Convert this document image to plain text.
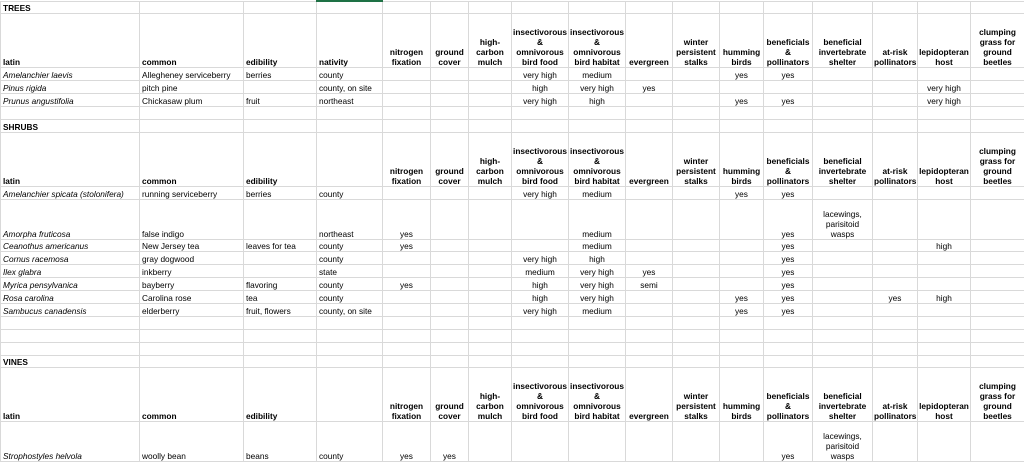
TREES																
latin	common	edibility	nativity	nitrogen fixation	ground cover	high-carbon mulch	insectivorous & omnivorous bird food	insectivorous & omnivorous bird habitat	evergreen	winter persistent stalks	humming birds	beneficials & pollinators	beneficial invertebrate shelter	at-risk pollinators	lepidopteran host	clumping grass for ground beetles
Amelanchier laevis	Allegheney serviceberry	berries	county				very high	medium			yes	yes				
Pinus rigida	pitch pine		county, on site				high	very high	yes						very high	
Prunus angustifolia	Chickasaw plum	fruit	northeast				very high	high			yes	yes			very high	

SHRUBS																
latin	common	edibility		nitrogen fixation	ground cover	high-carbon mulch	insectivorous & omnivorous bird food	insectivorous & omnivorous bird habitat	evergreen	winter persistent stalks	humming birds	beneficials & pollinators	beneficial invertebrate shelter	at-risk pollinators	lepidopteran host	clumping grass for ground beetles
Amelanchier spicata (stolonifera)	running serviceberry	berries	county				very high	medium			yes	yes				
Amorpha fruticosa	false indigo		northeast	yes				medium				yes	lacewings, parisitoid wasps			
Ceanothus americanus	New Jersey tea	leaves for tea	county	yes				medium				yes			high	
Cornus racemosa	gray dogwood		county				very high	high				yes				
Ilex glabra	inkberry		state				medium	very high	yes			yes				
Myrica pensylvanica	bayberry	flavoring	county	yes			high	very high	semi			yes				
Rosa carolina	Carolina rose	tea	county				high	very high			yes	yes		yes	high	
Sambucus canadensis	elderberry	fruit, flowers	county, on site				very high	medium			yes	yes				

VINES																
latin	common	edibility		nitrogen fixation	ground cover	high-carbon mulch	insectivorous & omnivorous bird food	insectivorous & omnivorous bird habitat	evergreen	winter persistent stalks	humming birds	beneficials & pollinators	beneficial invertebrate shelter	at-risk pollinators	lepidopteran host	clumping grass for ground beetles
Strophostyles helvola	woolly bean	beans	county	yes	yes							yes	lacewings, parisitoid wasps			
